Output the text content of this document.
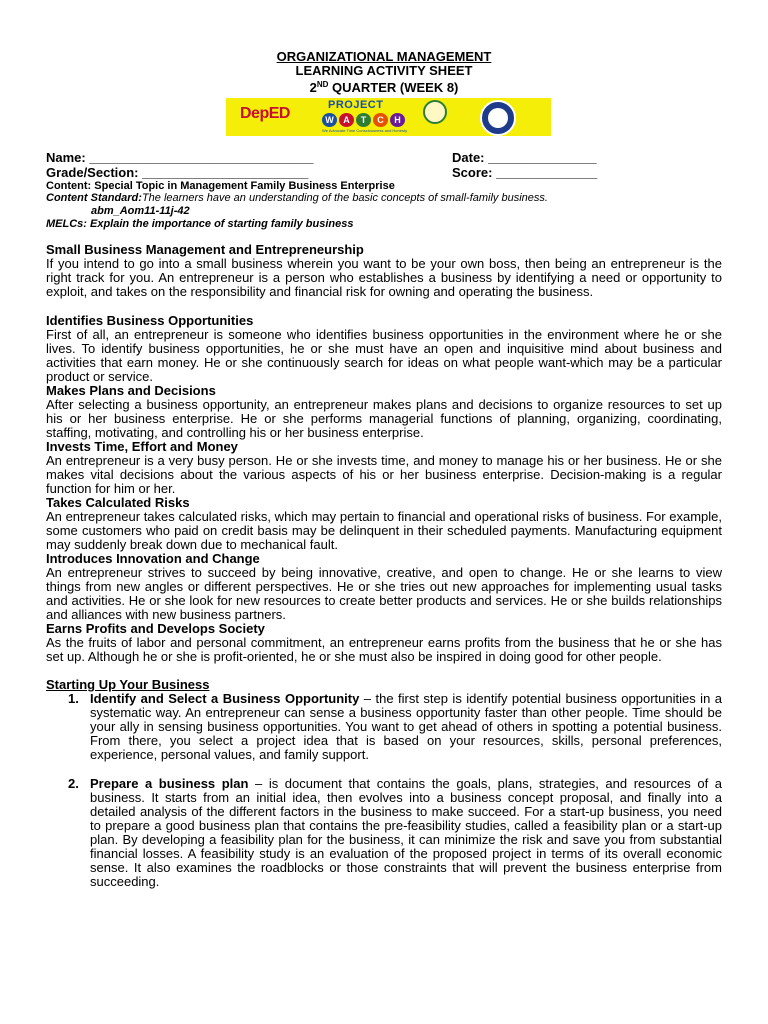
ORGANIZATIONAL MANAGEMENT
LEARNING ACTIVITY SHEET
2ND QUARTER (WEEK 8)
DepED	PROJECT
W	A	T	C	H
We Advocate Time Consciousness and Honesty
Name: _______________________________	Date: _______________
Grade/Section: _______________________	Score: ______________
Content: Special Topic in Management Family Business Enterprise
Content Standard:The learners have an understanding of the basic concepts of small-family business.
abm_Aom11-11j-42
MELCs: Explain the importance of starting family business
Small Business Management and Entrepreneurship
If you intend to go into a small business wherein you want to be your own boss, then being an entrepreneur is the right track for you. An entrepreneur is a person who establishes a business by identifying a need or opportunity to exploit, and takes on the responsibility and financial risk for owning and operating the business.
Identifies Business Opportunities
First of all, an entrepreneur is someone who identifies business opportunities in the environment where he or she lives. To identify business opportunities, he or she must have an open and inquisitive mind about business and activities that earn money. He or she continuously search for ideas on what people want-which may be a particular product or service.
Makes Plans and Decisions
After selecting a business opportunity, an entrepreneur makes plans and decisions to organize resources to set up his or her business enterprise. He or she performs managerial functions of planning, organizing, coordinating, staffing, motivating, and controlling his or her business enterprise.
Invests Time, Effort and Money
An entrepreneur is a very busy person. He or she invests time, and money to manage his or her business. He or she makes vital decisions about the various aspects of his or her business enterprise. Decision-making is a regular function for him or her.
Takes Calculated Risks
An entrepreneur takes calculated risks, which may pertain to financial and operational risks of business. For example, some customers who paid on credit basis may be delinquent in their scheduled payments. Manufacturing equipment may suddenly break down due to mechanical fault.
Introduces Innovation and Change
An entrepreneur strives to succeed by being innovative, creative, and open to change. He or she learns to view things from new angles or different perspectives. He or she tries out new approaches for implementing usual tasks and activities. He or she look for new resources to create better products and services. He or she builds relationships and alliances with new business partners.
Earns Profits and Develops Society
As the fruits of labor and personal commitment, an entrepreneur earns profits from the business that he or she has set up. Although he or she is profit-oriented, he or she must also be inspired in doing good for other people.
Starting Up Your Business
1. Identify and Select a Business Opportunity – the first step is identify potential business opportunities in a systematic way. An entrepreneur can sense a business opportunity faster than other people. Time should be your ally in sensing business opportunities. You want to get ahead of others in spotting a potential business. From there, you select a project idea that is based on your resources, skills, personal preferences, experience, personal values, and family support.
2. Prepare a business plan – is document that contains the goals, plans, strategies, and resources of a business. It starts from an initial idea, then evolves into a business concept proposal, and finally into a detailed analysis of the different factors in the business to make succeed. For a start-up business, you need to prepare a good business plan that contains the pre-feasibility studies, called a feasibility plan or a start-up plan. By developing a feasibility plan for the business, it can minimize the risk and save you from substantial financial losses. A feasibility study is an evaluation of the proposed project in terms of its overall economic sense. It also examines the roadblocks or those constraints that will prevent the business enterprise from succeeding.
